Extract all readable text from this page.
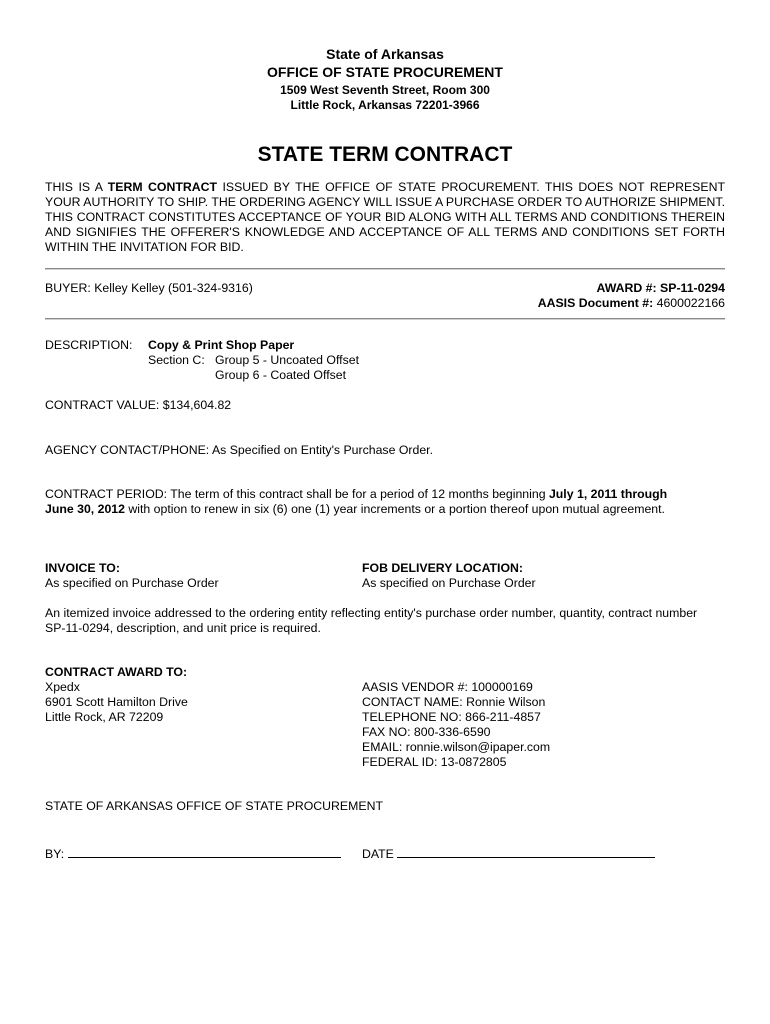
State of Arkansas
OFFICE OF STATE PROCUREMENT
1509 West Seventh Street, Room 300
Little Rock, Arkansas 72201-3966
STATE TERM CONTRACT
THIS IS A TERM CONTRACT ISSUED BY THE OFFICE OF STATE PROCUREMENT. THIS DOES NOT REPRESENT YOUR AUTHORITY TO SHIP. THE ORDERING AGENCY WILL ISSUE A PURCHASE ORDER TO AUTHORIZE SHIPMENT. THIS CONTRACT CONSTITUTES ACCEPTANCE OF YOUR BID ALONG WITH ALL TERMS AND CONDITIONS THEREIN AND SIGNIFIES THE OFFERER'S KNOWLEDGE AND ACCEPTANCE OF ALL TERMS AND CONDITIONS SET FORTH WITHIN THE INVITATION FOR BID.
BUYER: Kelley Kelley (501-324-9316)	AWARD #: SP-11-0294
AASIS Document #: 4600022166
DESCRIPTION: Copy & Print Shop Paper
Section C: Group 5 - Uncoated Offset
Group 6 - Coated Offset
CONTRACT VALUE: $134,604.82
AGENCY CONTACT/PHONE: As Specified on Entity's Purchase Order.
CONTRACT PERIOD: The term of this contract shall be for a period of 12 months beginning July 1, 2011 through
June 30, 2012 with option to renew in six (6) one (1) year increments or a portion thereof upon mutual agreement.
INVOICE TO:
As specified on Purchase Order
FOB DELIVERY LOCATION:
As specified on Purchase Order
An itemized invoice addressed to the ordering entity reflecting entity's purchase order number, quantity, contract number
SP-11-0294, description, and unit price is required.
CONTRACT AWARD TO:
Xpedx
6901 Scott Hamilton Drive
Little Rock, AR 72209
AASIS VENDOR #: 100000169
CONTACT NAME: Ronnie Wilson
TELEPHONE NO: 866-211-4857
FAX NO: 800-336-6590
EMAIL: ronnie.wilson@ipaper.com
FEDERAL ID: 13-0872805
STATE OF ARKANSAS OFFICE OF STATE PROCUREMENT
BY:	DATE
